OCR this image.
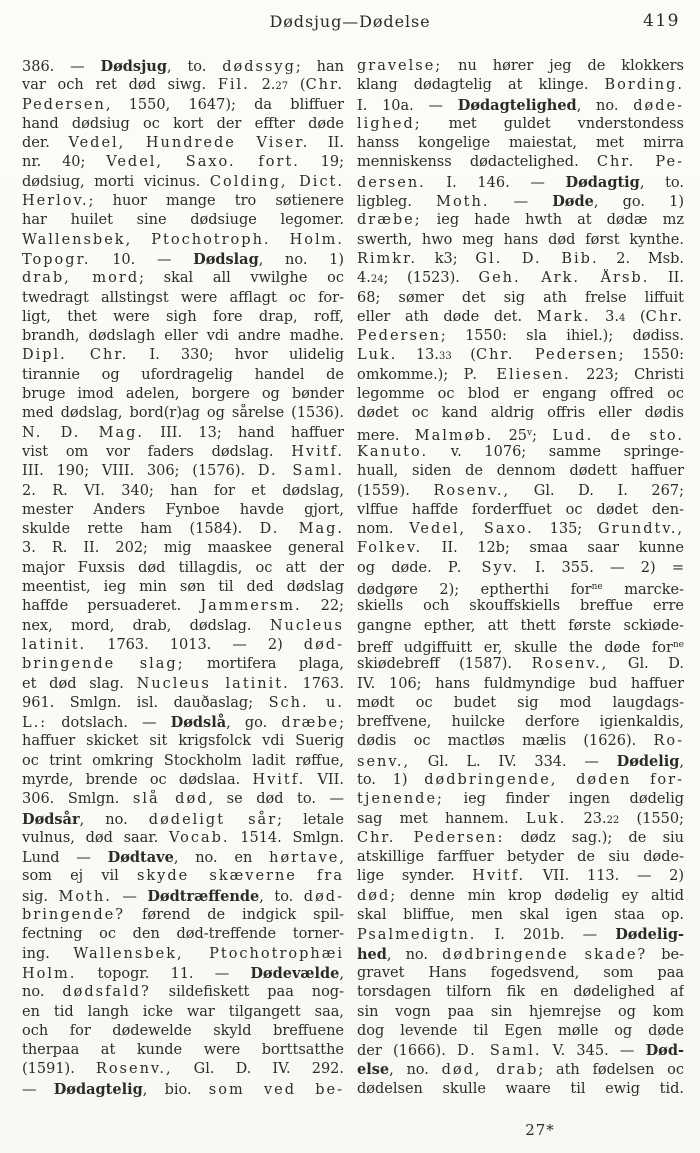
Dødsjug—Dødelse	419
386. — Dødsjug, to. dødssyg; han
var och ret død siwg. Fil. 2.27 (Chr.
Pedersen, 1550, 1647); da bliffuer
hand dødsiug oc kort der effter døde
der. Vedel, Hundrede Viser. II.
nr. 40; Vedel, Saxo. fort. 19;
dødsiug, morti vicinus. Colding, Dict.
Herlov.; huor mange tro søtienere
har huilet sine dødsiuge legomer.
Wallensbek, Ptochotroph. Holm.
Topogr. 10. — Dødslag, no. 1)
drab, mord; skal all vwilghe oc
twedragt allstingst were afflagt oc for-
ligt, thet were sigh fore drap, roff,
brandh, dødslagh eller vdi andre madhe.
Dipl. Chr. I. 330; hvor ulidelig
tirannie og ufordragelig handel de
bruge imod adelen, borgere og bønder
med dødslag, bord(r)ag og sårelse (1536).
N. D. Mag. III. 13; hand haffuer
vist om vor faders dødslag. Hvitf.
III. 190; VIII. 306; (1576). D. Saml.
2. R. VI. 340; han for et dødslag,
mester Anders Fynboe havde gjort,
skulde rette ham (1584). D. Mag.
3. R. II. 202; mig maaskee general
major Fuxsis død tillagdis, oc att der
meentist, ieg min søn til ded dødslag
haffde persuaderet. Jammersm. 22;
nex, mord, drab, dødslag. Nucleus
latinit. 1763. 1013. — 2) død-
bringende slag; mortifera plaga,
et død slag. Nucleus latinit. 1763.
961. Smlgn. isl. dauðaslag; Sch. u.
L.: dotslach. — Dødslå, go. dræbe;
haffuer skicket sit krigsfolck vdi Suerig
oc trint omkring Stockholm ladit røffue,
myrde, brende oc dødslaa. Hvitf. VII.
306. Smlgn. slå død, se død to. —
Dødsår, no. dødeligt sår; letale
vulnus, død saar. Vocab. 1514. Smlgn.
Lund — Dødtave, no. en hørtave,
som ej vil skyde skæverne fra
sig. Moth. — Dødtræffende, to. død-
bringende? førend de indgick spil-
fectning oc den død-treffende torner-
ing. Wallensbek, Ptochotrophæi
Holm. topogr. 11. — Dødevælde,
no. dødsfald? sildefiskett paa nog-
en tid langh icke war tilgangett saa,
och for dødewelde skyld breffuene
therpaa at kunde were borttsatthe
(1591). Rosenv., Gl. D. IV. 292.
— Dødagtelig, bio. som ved be-
gravelse; nu hører jeg de klokkers
klang dødagtelig at klinge. Bording.
I. 10a. — Dødagtelighed, no. døde-
lighed; met guldet vnderstondess
hanss kongelige maiestat, met mirra
menniskenss dødactelighed. Chr. Pe-
dersen. I. 146. — Dødagtig, to.
ligbleg. Moth. — Døde, go. 1)
dræbe; ieg hade hwth at dødæ mz
swerth, hwo meg hans død først kynthe.
Rimkr. k3; Gl. D. Bib. 2. Msb.
4.24; (1523). Geh. Ark. Årsb. II.
68; sømer det sig ath frelse liffuit
eller ath døde det. Mark. 3.4 (Chr.
Pedersen; 1550: sla ihiel.); dødiss.
Luk. 13.33 (Chr. Pedersen; 1550:
omkomme.); P. Eliesen. 223; Christi
legomme oc blod er engang offred oc
dødet oc kand aldrig offris eller dødis
mere. Malmøb. 25$^v$; Lud. de sto.
Kanuto. v. 1076; samme springe-
huall, siden de dennom dødett haffuer
(1559). Rosenv., Gl. D. I. 267;
vlffue haffde forderffuet oc dødet den-
nom. Vedel, Saxo. 135; Grundtv.,
Folkev. II. 12b; smaa saar kunne
og døde. P. Syv. I. 355. — 2) =
dødgøre 2); eptherthi for$^{ne}$ marcke-
skiells och skouffskiells breffue erre
gangne epther, att thett første sckiøde-
breff udgiffuitt er, skulle the døde for$^{ne}$
skiødebreff (1587). Rosenv., Gl. D.
IV. 106; hans fuldmyndige bud haffuer
mødt oc budet sig mod laugdags-
breffvene, huilcke derfore igienkaldis,
dødis oc mactløs mælis (1626). Ro-
senv., Gl. L. IV. 334. — Dødelig,
to. 1) dødbringende, døden for-
tjenende; ieg finder ingen dødelig
sag met hannem. Luk. 23.22 (1550;
Chr. Pedersen: dødz sag.); de siu
atskillige farffuer betyder de siu døde-
lige synder. Hvitf. VII. 113. — 2)
død; denne min krop dødelig ey altid
skal bliffue, men skal igen staa op.
Psalmedigtn. I. 201b. — Dødelig-
hed, no. dødbringende skade? be-
gravet Hans fogedsvend, som paa
torsdagen tilforn fik en dødelighed af
sin vogn paa sin hjemrejse og kom
dog levende til Egen mølle og døde
der (1666). D. Saml. V. 345. — Død-
else, no. død, drab; ath fødelsen oc
dødelsen skulle waare til ewig tid.
27*
